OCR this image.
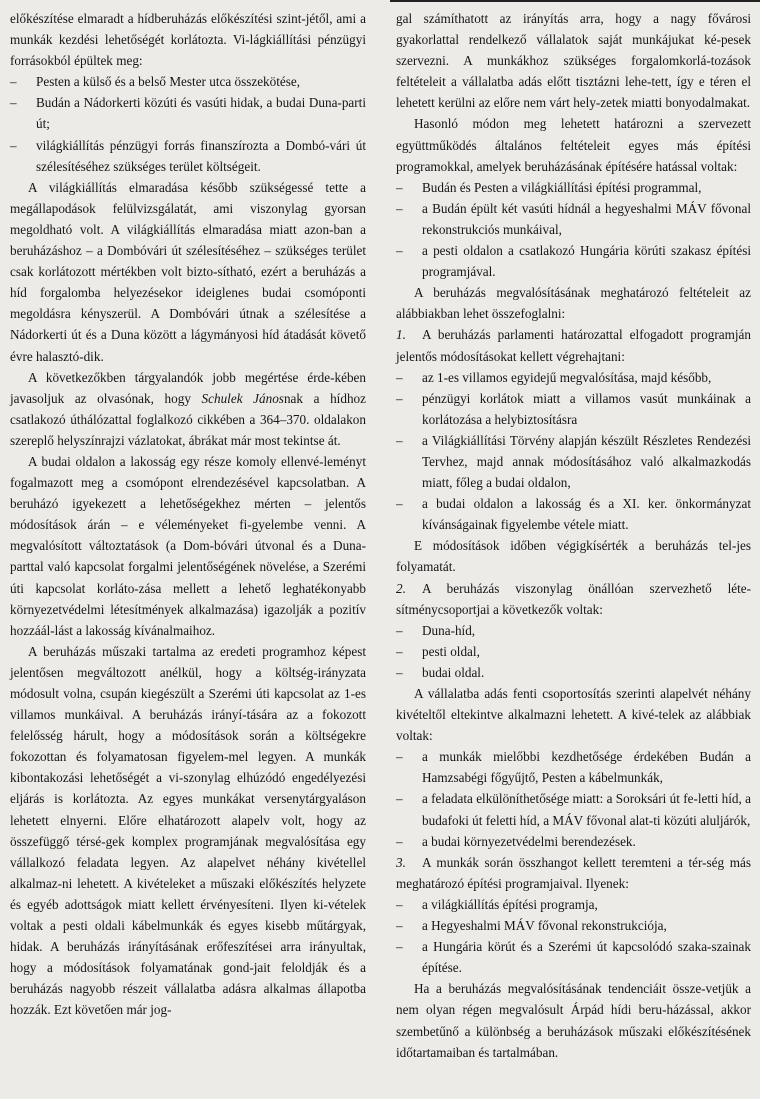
előkészítése elmaradt a hídberuházás előkészítési szint-jétől, ami a munkák kezdési lehetőségét korlátozta. Vi-lágkiállítási pénzügyi forrásokból épültek meg:

– Pesten a külső és a belső Mester utca összekötése,

– Budán a Nádorkerti közúti és vasúti hidak, a budai Duna-parti út;

– világkiállítás pénzügyi forrás finanszírozta a Dombó-vári út szélesítéséhez szükséges terület költségeit.

A világkiállítás elmaradása később szükségessé tette a megállapodások felülvizsgálatát, ami viszonylag gyorsan megoldható volt. A világkiállítás elmaradása miatt azon-ban a beruházáshoz – a Dombóvári út szélesítéséhez – szükséges terület csak korlátozott mértékben volt bizto-sítható, ezért a beruházás a híd forgalomba helyezésekor ideiglenes budai csomóponti megoldásra kényszerül. A Dombóvári útnak a szélesítése a Nádorkerti út és a Duna között a lágymányosi híd átadását követő évre halasztó-dik.

A következőkben tárgyalandók jobb megértése érde-kében javasoljuk az olvasónak, hogy Schulek Jánosnak a hídhoz csatlakozó úthálózattal foglalkozó cikkében a 364–370. oldalakon szereplő helyszínrajzi vázlatokat, ábrákat már most tekintse át.

A budai oldalon a lakosság egy része komoly ellenvé-leményt fogalmazott meg a csomópont elrendezésével kapcsolatban. A beruházó igyekezett a lehetőségekhez mérten – jelentős módosítások árán – e véleményeket fi-gyelembe venni. A megvalósított változtatások (a Dom-bóvári útvonal és a Duna-parttal való kapcsolat forgalmi jelentőségének növelése, a Szerémi úti kapcsolat korláto-zása mellett a lehető leghatékonyabb környezetvédelmi létesítmények alkalmazása) igazolják a pozitív hozzáál-lást a lakosság kívánalmaihoz.

A beruházás műszaki tartalma az eredeti programhoz képest jelentősen megváltozott anélkül, hogy a költség-irányzata módosult volna, csupán kiegészült a Szerémi úti kapcsolat az 1-es villamos munkáival. A beruházás irányí-tására az a fokozott felelősség hárult, hogy a módosítások során a költségekre fokozottan és folyamatosan figyelem-mel legyen. A munkák kibontakozási lehetőségét a vi-szonylag elhúzódó engedélyezési eljárás is korlátozta. Az egyes munkákat versenytárgyaláson lehetett elnyerni. Előre elhatározott alapelv volt, hogy az összefüggő térsé-gek komplex programjának megvalósítása egy vállalkozó feladata legyen. Az alapelvet néhány kivétellel alkalmaz-ni lehetett. A kivételeket a műszaki előkészítés helyzete és egyéb adottságok miatt kellett érvényesíteni. Ilyen ki-vételek voltak a pesti oldali kábelmunkák és egyes kisebb műtárgyak, hidak. A beruházás irányításának erőfeszítései arra irányultak, hogy a módosítások folyamatának gond-jait feloldják és a beruházás nagyobb részeit vállalatba adásra alkalmas állapotba hozzák. Ezt követően már jog-

gal számíthatott az irányítás arra, hogy a nagy fővárosi gyakorlattal rendelkező vállalatok saját munkájukat ké-pesek szervezni. A munkákhoz szükséges forgalomkorlá-tozások feltételeit a vállalatba adás előtt tisztázni lehe-tett, így e téren el lehetett kerülni az előre nem várt hely-zetek miatti bonyodalmakat.

Hasonló módon meg lehetett határozni a szervezett együttműködés általános feltételeit egyes más építési programokkal, amelyek beruházásának építésére hatással voltak:

– Budán és Pesten a világkiállítási építési programmal,

– a Budán épült két vasúti hídnál a hegyeshalmi MÁV fővonal rekonstrukciós munkáival,

– a pesti oldalon a csatlakozó Hungária körúti szakasz építési programjával.

A beruházás megvalósításának meghatározó feltételeit az alábbiakban lehet összefoglalni:

1. A beruházás parlamenti határozattal elfogadott programján jelentős módosításokat kellett végrehajtani:

– az 1-es villamos egyidejű megvalósítása, majd később,

– pénzügyi korlátok miatt a villamos vasút munkáinak a korlátozása a helybiztosításra

– a Világkiállítási Törvény alapján készült Részletes Rendezési Tervhez, majd annak módosításához való alkalmazkodás miatt, főleg a budai oldalon,

– a budai oldalon a lakosság és a XI. ker. önkormányzat kívánságainak figyelembe vétele miatt.

E módosítások időben végigkísérték a beruházás tel-jes folyamatát.

2. A beruházás viszonylag önállóan szervezhető léte-sítménycsoportjai a következők voltak:

– Duna-híd,

– pesti oldal,

– budai oldal.

A vállalatba adás fenti csoportosítás szerinti alapelvét néhány kivételtől eltekintve alkalmazni lehetett. A kivé-telek az alábbiak voltak:

– a munkák mielőbbi kezdhetősége érdekében Budán a Hamzsabégi főgyűjtő, Pesten a kábelmunkák,

– a feladata elkülöníthetősége miatt: a Soroksári út fe-letti híd, a budafoki út feletti híd, a MÁV fővonal alat-ti közúti aluljárók,

– a budai környezetvédelmi berendezések.

3. A munkák során összhangot kellett teremteni a tér-ség más meghatározó építési programjaival. Ilyenek:

– a világkiállítás építési programja,

– a Hegyeshalmi MÁV fővonal rekonstrukciója,

– a Hungária körút és a Szerémi út kapcsolódó szaka-szainak építése.

Ha a beruházás megvalósításának tendenciáit össze-vetjük a nem olyan régen megvalósult Árpád hídi beru-házással, akkor szembetűnő a különbség a beruházások műszaki előkészítésének időtartamaiban és tartalmában.
